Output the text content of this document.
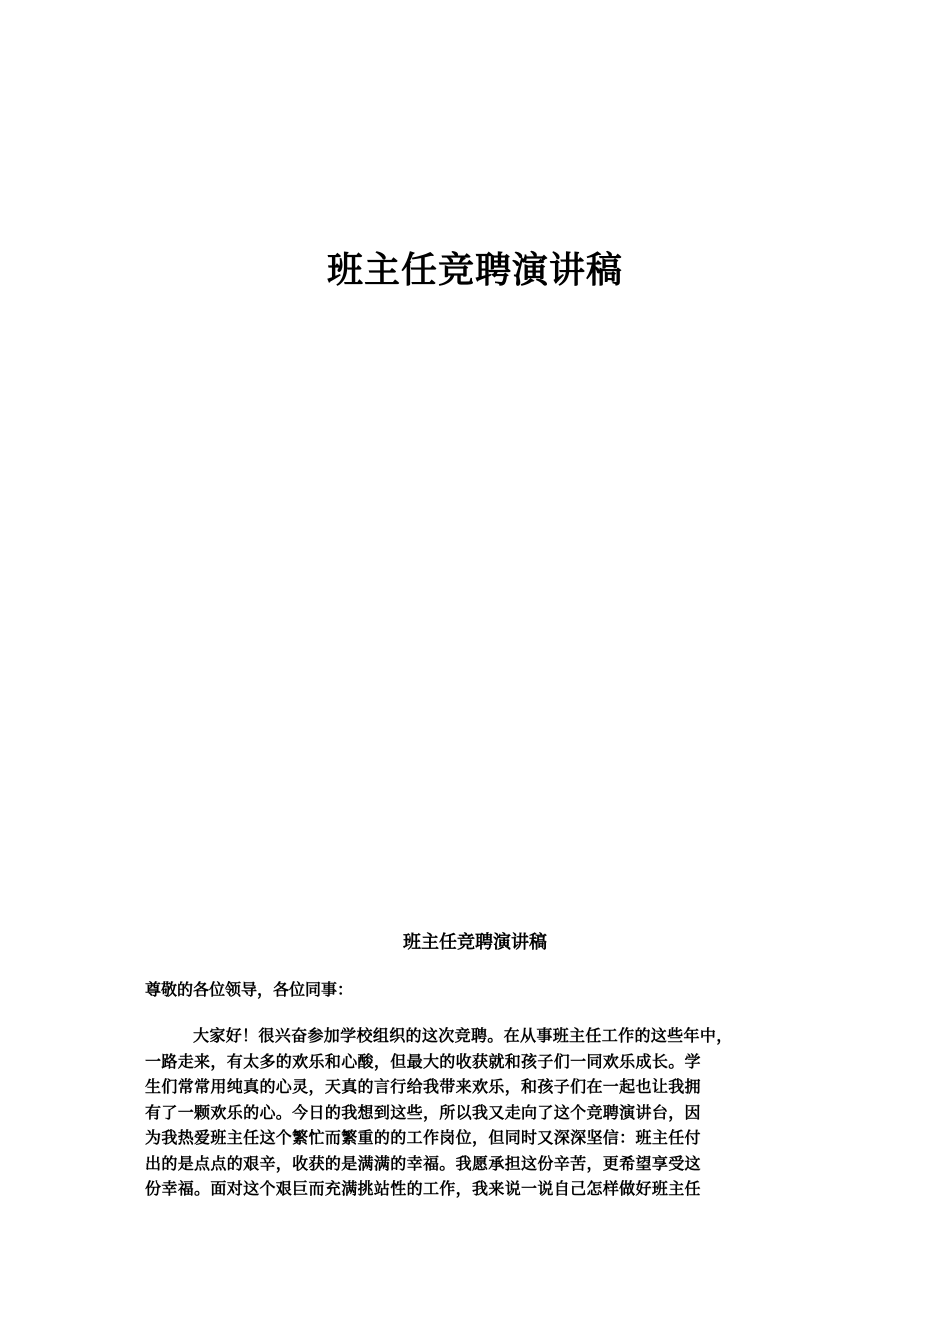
班主任竞聘演讲稿
班主任竞聘演讲稿
尊敬的各位领导，各位同事：
大家好！很兴奋参加学校组织的这次竞聘。在从事班主任工作的这些年中，
一路走来，有太多的欢乐和心酸，但最大的收获就和孩子们一同欢乐成长。学
生们常常用纯真的心灵，天真的言行给我带来欢乐，和孩子们在一起也让我拥
有了一颗欢乐的心。今日的我想到这些，所以我又走向了这个竞聘演讲台，因
为我热爱班主任这个繁忙而繁重的的工作岗位，但同时又深深坚信：班主任付
出的是点点的艰辛，收获的是满满的幸福。我愿承担这份辛苦，更希望享受这
份幸福。面对这个艰巨而充满挑站性的工作，我来说一说自己怎样做好班主任
